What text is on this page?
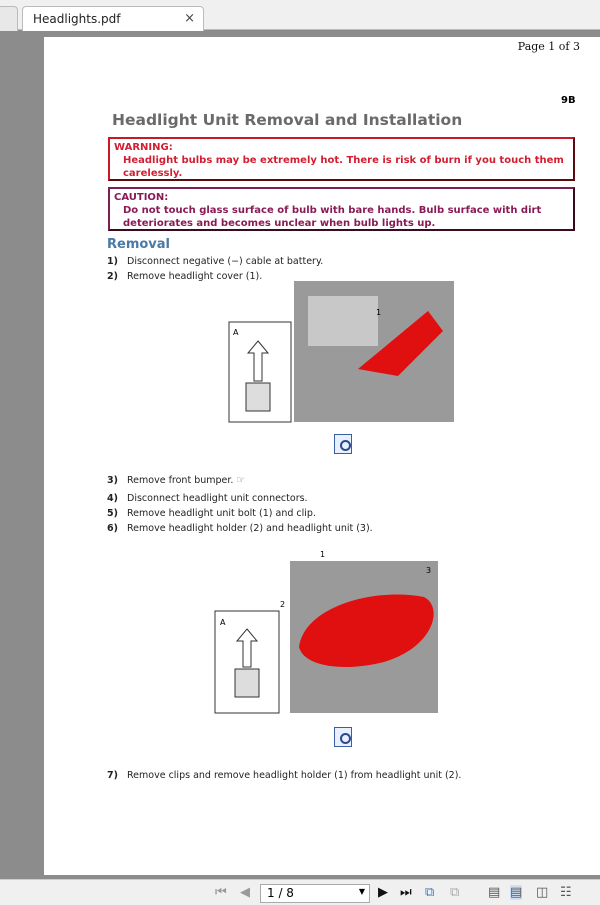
Headlights.pdf	×
Page 1 of 3
9B
Headlight Unit Removal and Installation
WARNING:
Headlight bulbs may be extremely hot. There is risk of burn if you touch them carelessly.
CAUTION:
Do not touch glass surface of bulb with bare hands. Bulb surface with dirt deteriorates and becomes unclear when bulb lights up.
Removal
1) Disconnect negative (−) cable at battery.
2) Remove headlight cover (1).
A
1
3) Remove front bumper. ☞
4) Disconnect headlight unit connectors.
5) Remove headlight unit bolt (1) and clip.
6) Remove headlight holder (2) and headlight unit (3).
A
1
2
3
7) Remove clips and remove headlight holder (1) from headlight unit (2).
⏮ ◀	1 / 8	▼ ▶ ⏭ ⧉ ⧉ ▤ ▤ ◫ ☷
